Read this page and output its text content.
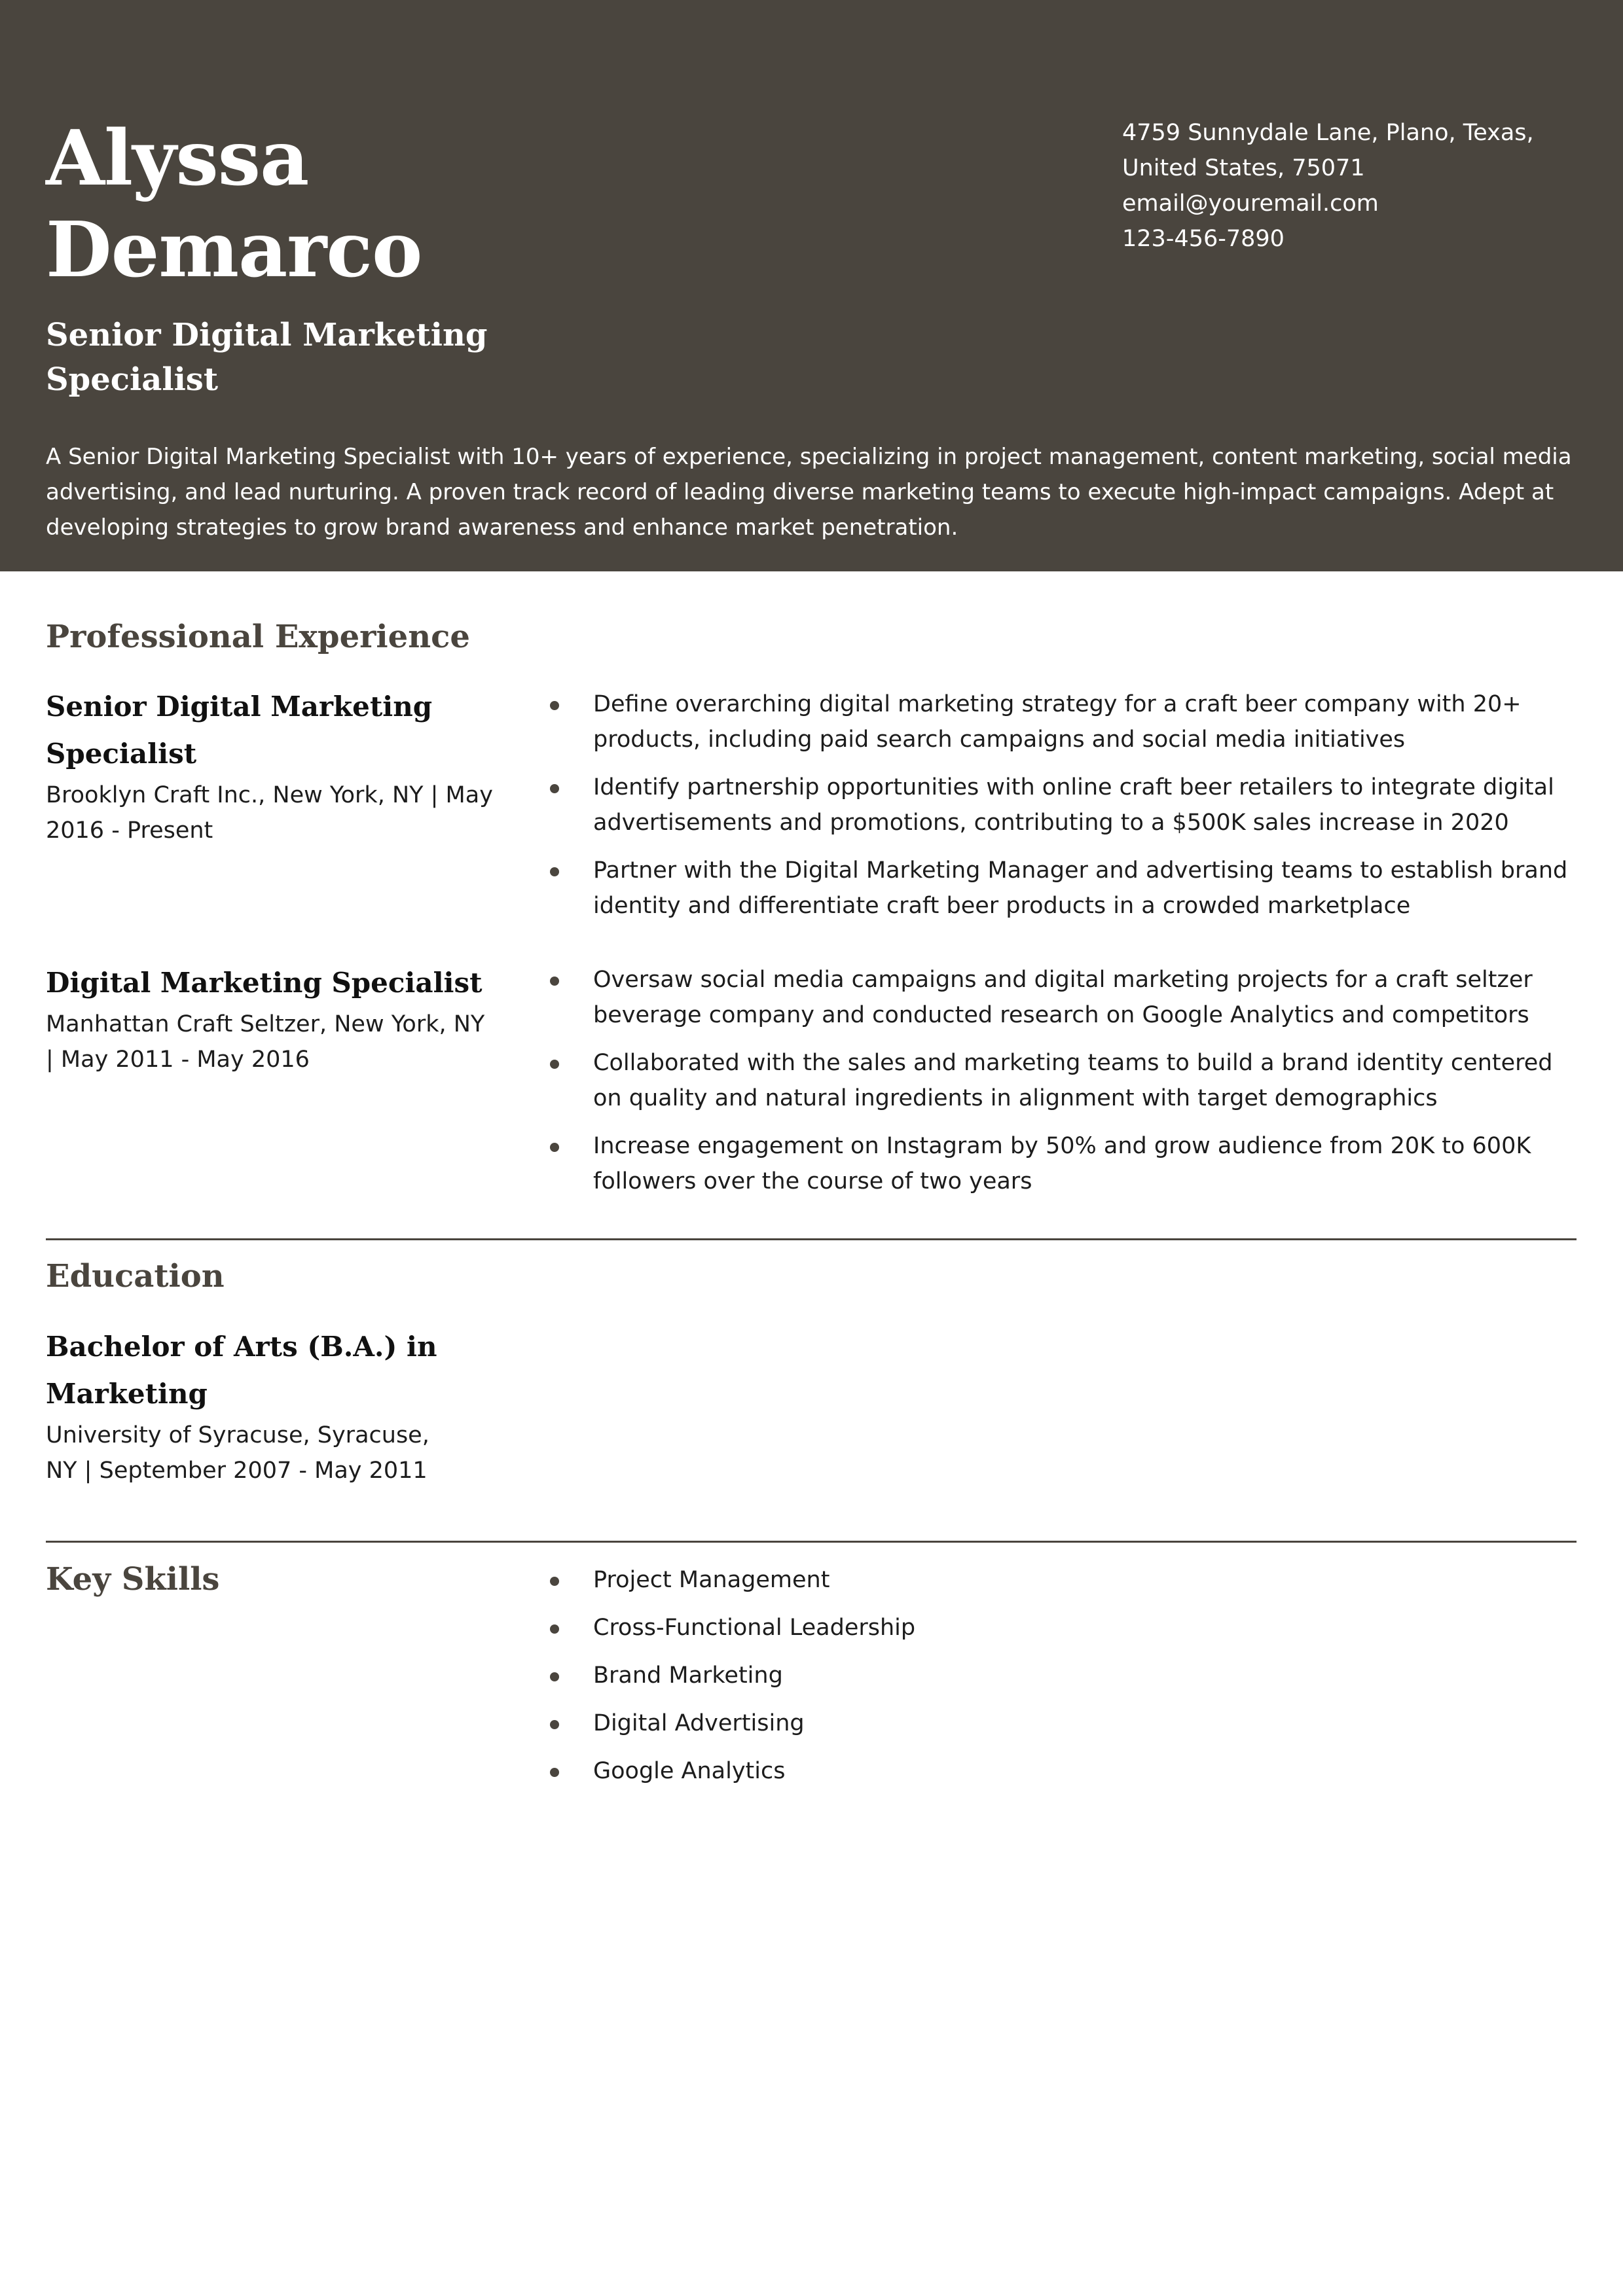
Alyssa
Demarco
Senior Digital Marketing Specialist
4759 Sunnydale Lane, Plano, Texas,
United States, 75071
email@youremail.com
123-456-7890

A Senior Digital Marketing Specialist with 10+ years of experience, specializing in project management, content marketing, social media advertising, and lead nurturing. A proven track record of leading diverse marketing teams to execute high-impact campaigns. Adept at developing strategies to grow brand awareness and enhance market penetration.

Professional Experience

Senior Digital Marketing Specialist

Brooklyn Craft Inc., New York, NY | May 2016 - Present

Define overarching digital marketing strategy for a craft beer company with 20+ products, including paid search campaigns and social media initiatives
Identify partnership opportunities with online craft beer retailers to integrate digital advertisements and promotions, contributing to a $500K sales increase in 2020
Partner with the Digital Marketing Manager and advertising teams to establish brand identity and differentiate craft beer products in a crowded marketplace

Digital Marketing Specialist

Manhattan Craft Seltzer, New York, NY | May 2011 - May 2016

Oversaw social media campaigns and digital marketing projects for a craft seltzer beverage company and conducted research on Google Analytics and competitors
Collaborated with the sales and marketing teams to build a brand identity centered on quality and natural ingredients in alignment with target demographics
Increase engagement on Instagram by 50% and grow audience from 20K to 600K followers over the course of two years
Education

Bachelor of Arts (B.A.) in Marketing

University of Syracuse, Syracuse, NY | September 2007 - May 2011

Key Skills	Project Management
Cross-Functional Leadership
Brand Marketing
Digital Advertising
Google Analytics
